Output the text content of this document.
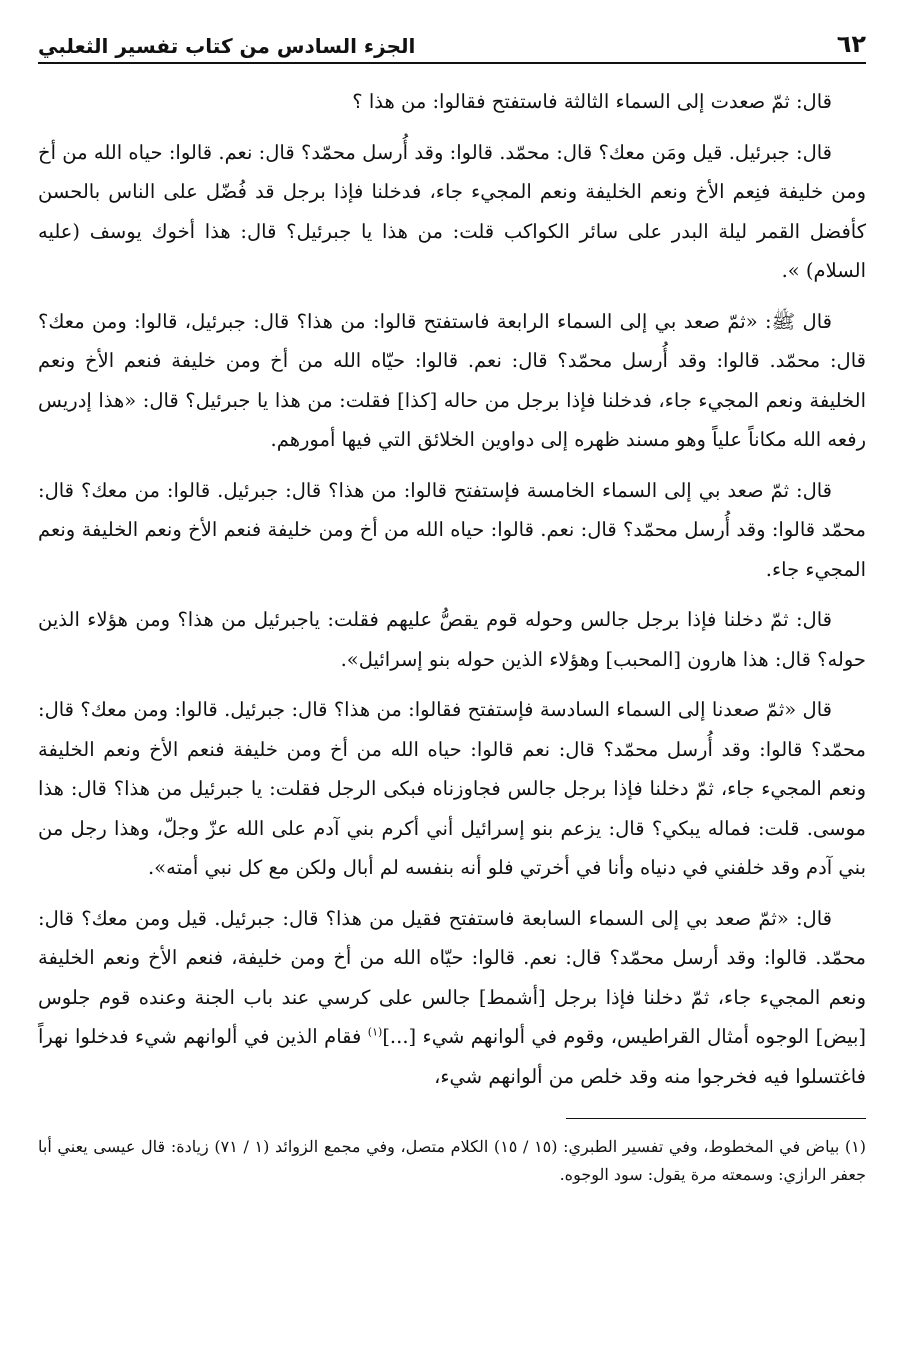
٦٢
الجزء السادس من كتاب تفسير الثعلبي

قال: ثمّ صعدت إلى السماء الثالثة فاستفتح فقالوا: من هذا ؟

قال: جبرئيل. قيل ومَن معك؟ قال: محمّد. قالوا: وقد أُرسل محمّد؟ قال: نعم. قالوا: حياه الله من أخ ومن خليفة فنِعم الأخ ونعم الخليفة ونعم المجيء جاء، فدخلنا فإذا برجل قد فُضّل على الناس بالحسن كأفضل القمر ليلة البدر على سائر الكواكب قلت: من هذا يا جبرئيل؟ قال: هذا أخوك يوسف (عليه السلام) ».

قال ﷺ: «ثمّ صعد بي إلى السماء الرابعة فاستفتح قالوا: من هذا؟ قال: جبرئيل، قالوا: ومن معك؟ قال: محمّد. قالوا: وقد أُرسل محمّد؟ قال: نعم. قالوا: حيّاه الله من أخ ومن خليفة فنعم الأخ ونعم الخليفة ونعم المجيء جاء، فدخلنا فإذا برجل من حاله [كذا] فقلت: من هذا يا جبرئيل؟ قال: «هذا إدريس رفعه الله مكاناً علياً وهو مسند ظهره إلى دواوين الخلائق التي فيها أمورهم.

قال: ثمّ صعد بي إلى السماء الخامسة فإستفتح قالوا: من هذا؟ قال: جبرئيل. قالوا: من معك؟ قال: محمّد قالوا: وقد أُرسل محمّد؟ قال: نعم. قالوا: حياه الله من أخ ومن خليفة فنعم الأخ ونعم الخليفة ونعم المجيء جاء.

قال: ثمّ دخلنا فإذا برجل جالس وحوله قوم يقصُّ عليهم فقلت: ياجبرئيل من هذا؟ ومن هؤلاء الذين حوله؟ قال: هذا هارون [المحبب] وهؤلاء الذين حوله بنو إسرائيل».

قال «ثمّ صعدنا إلى السماء السادسة فإستفتح فقالوا: من هذا؟ قال: جبرئيل. قالوا: ومن معك؟ قال: محمّد؟ قالوا: وقد أُرسل محمّد؟ قال: نعم قالوا: حياه الله من أخ ومن خليفة فنعم الأخ ونعم الخليفة ونعم المجيء جاء، ثمّ دخلنا فإذا برجل جالس فجاوزناه فبكى الرجل فقلت: يا جبرئيل من هذا؟ قال: هذا موسى. قلت: فماله يبكي؟ قال: يزعم بنو إسرائيل أني أكرم بني آدم على الله عزّ وجلّ، وهذا رجل من بني آدم وقد خلفني في دنياه وأنا في أخرتي فلو أنه بنفسه لم أبال ولكن مع كل نبي أمته».

قال: «ثمّ صعد بي إلى السماء السابعة فاستفتح فقيل من هذا؟ قال: جبرئيل. قيل ومن معك؟ قال: محمّد. قالوا: وقد أرسل محمّد؟ قال: نعم. قالوا: حيّاه الله من أخ ومن خليفة، فنعم الأخ ونعم الخليفة ونعم المجيء جاء، ثمّ دخلنا فإذا برجل [أشمط] جالس على كرسي عند باب الجنة وعنده قوم جلوس [بيض] الوجوه أمثال القراطيس، وقوم في ألوانهم شيء [...]$^{(١)}$ فقام الذين في ألوانهم شيء فدخلوا نهراً فاغتسلوا فيه فخرجوا منه وقد خلص من ألوانهم شيء،

(١) بياض في المخطوط، وفي تفسير الطبري: (١٥ / ١٥) الكلام متصل، وفي مجمع الزوائد (١ / ٧١) زيادة: قال عيسى يعني أبا جعفر الرازي: وسمعته مرة يقول: سود الوجوه.
